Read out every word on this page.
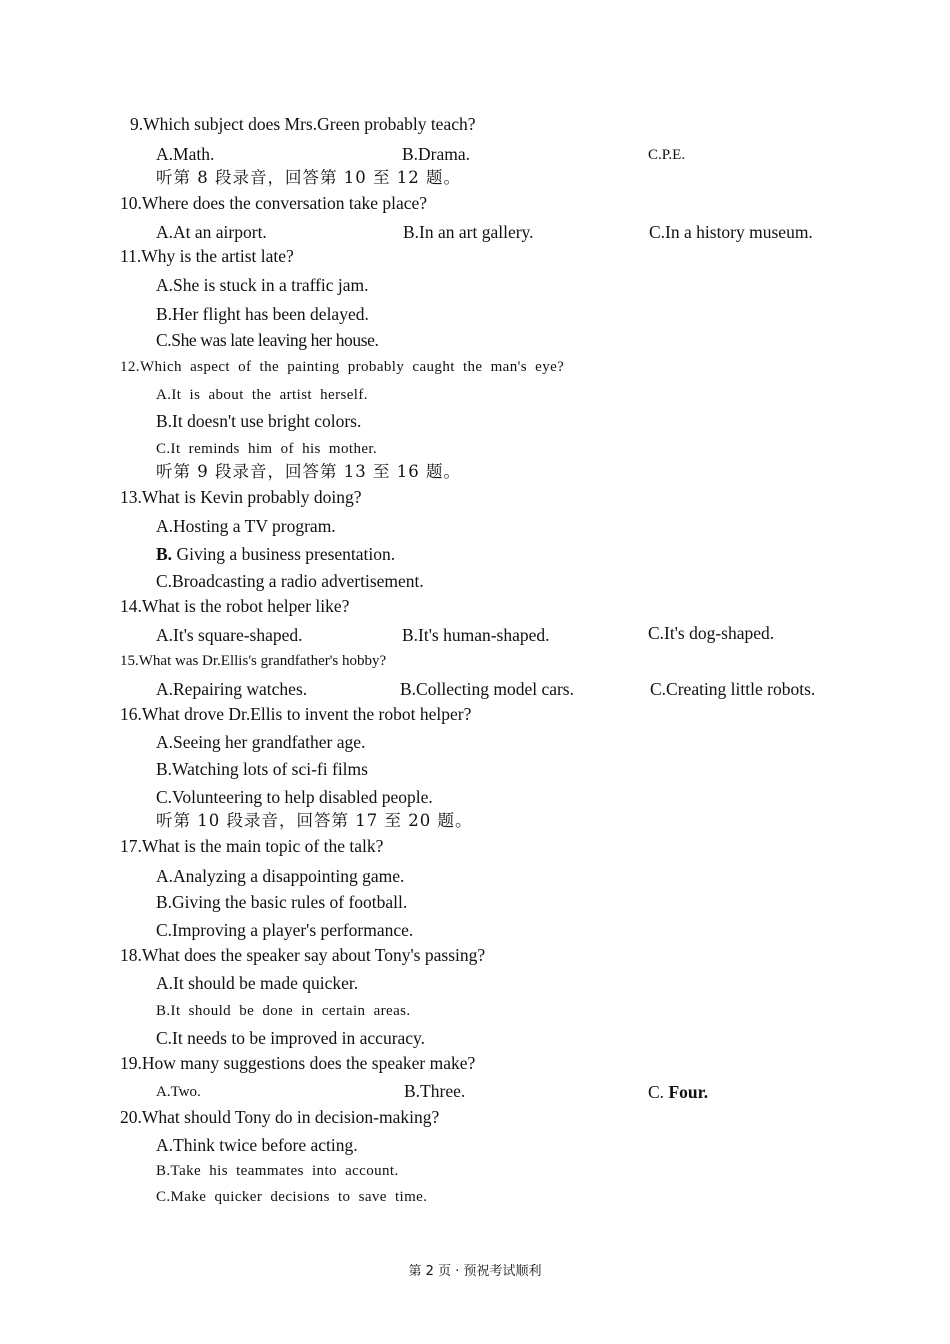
9.Which subject does Mrs.Green probably teach?
A.Math.	B.Drama.	C.P.E.
听第 8 段录音，回答第 10 至 12 题。
10.Where does the conversation take place?
A.At an airport.	B.In an art gallery.	C.In a history museum.
11.Why is the artist late?
A.She is stuck in a traffic jam.
B.Her flight has been delayed.
C.She was late leaving her house.
12.Which aspect of the painting probably caught the man's eye?
A.It is about the artist herself.
B.It doesn't use bright colors.
C.It reminds him of his mother.
听第 9 段录音，回答第 13 至 16 题。
13.What is Kevin probably doing?
A.Hosting a TV program.
B. Giving a business presentation.
C.Broadcasting a radio advertisement.
14.What is the robot helper like?
A.It's square-shaped.	B.It's human-shaped.	C.It's dog-shaped.
15.What was Dr.Ellis's grandfather's hobby?
A.Repairing watches.	B.Collecting model cars.	C.Creating little robots.
16.What drove Dr.Ellis to invent the robot helper?
A.Seeing her grandfather age.
B.Watching lots of sci-fi films
C.Volunteering to help disabled people.
听第 10 段录音，回答第 17 至 20 题。
17.What is the main topic of the talk?
A.Analyzing a disappointing game.
B.Giving the basic rules of football.
C.Improving a player's performance.
18.What does the speaker say about Tony's passing?
A.It should be made quicker.
B.It should be done in certain areas.
C.It needs to be improved in accuracy.
19.How many suggestions does the speaker make?
A.Two.	B.Three.	C. Four.
20.What should Tony do in decision-making?
A.Think twice before acting.
B.Take his teammates into account.
C.Make quicker decisions to save time.
第 2 页 · 预祝考试顺利
